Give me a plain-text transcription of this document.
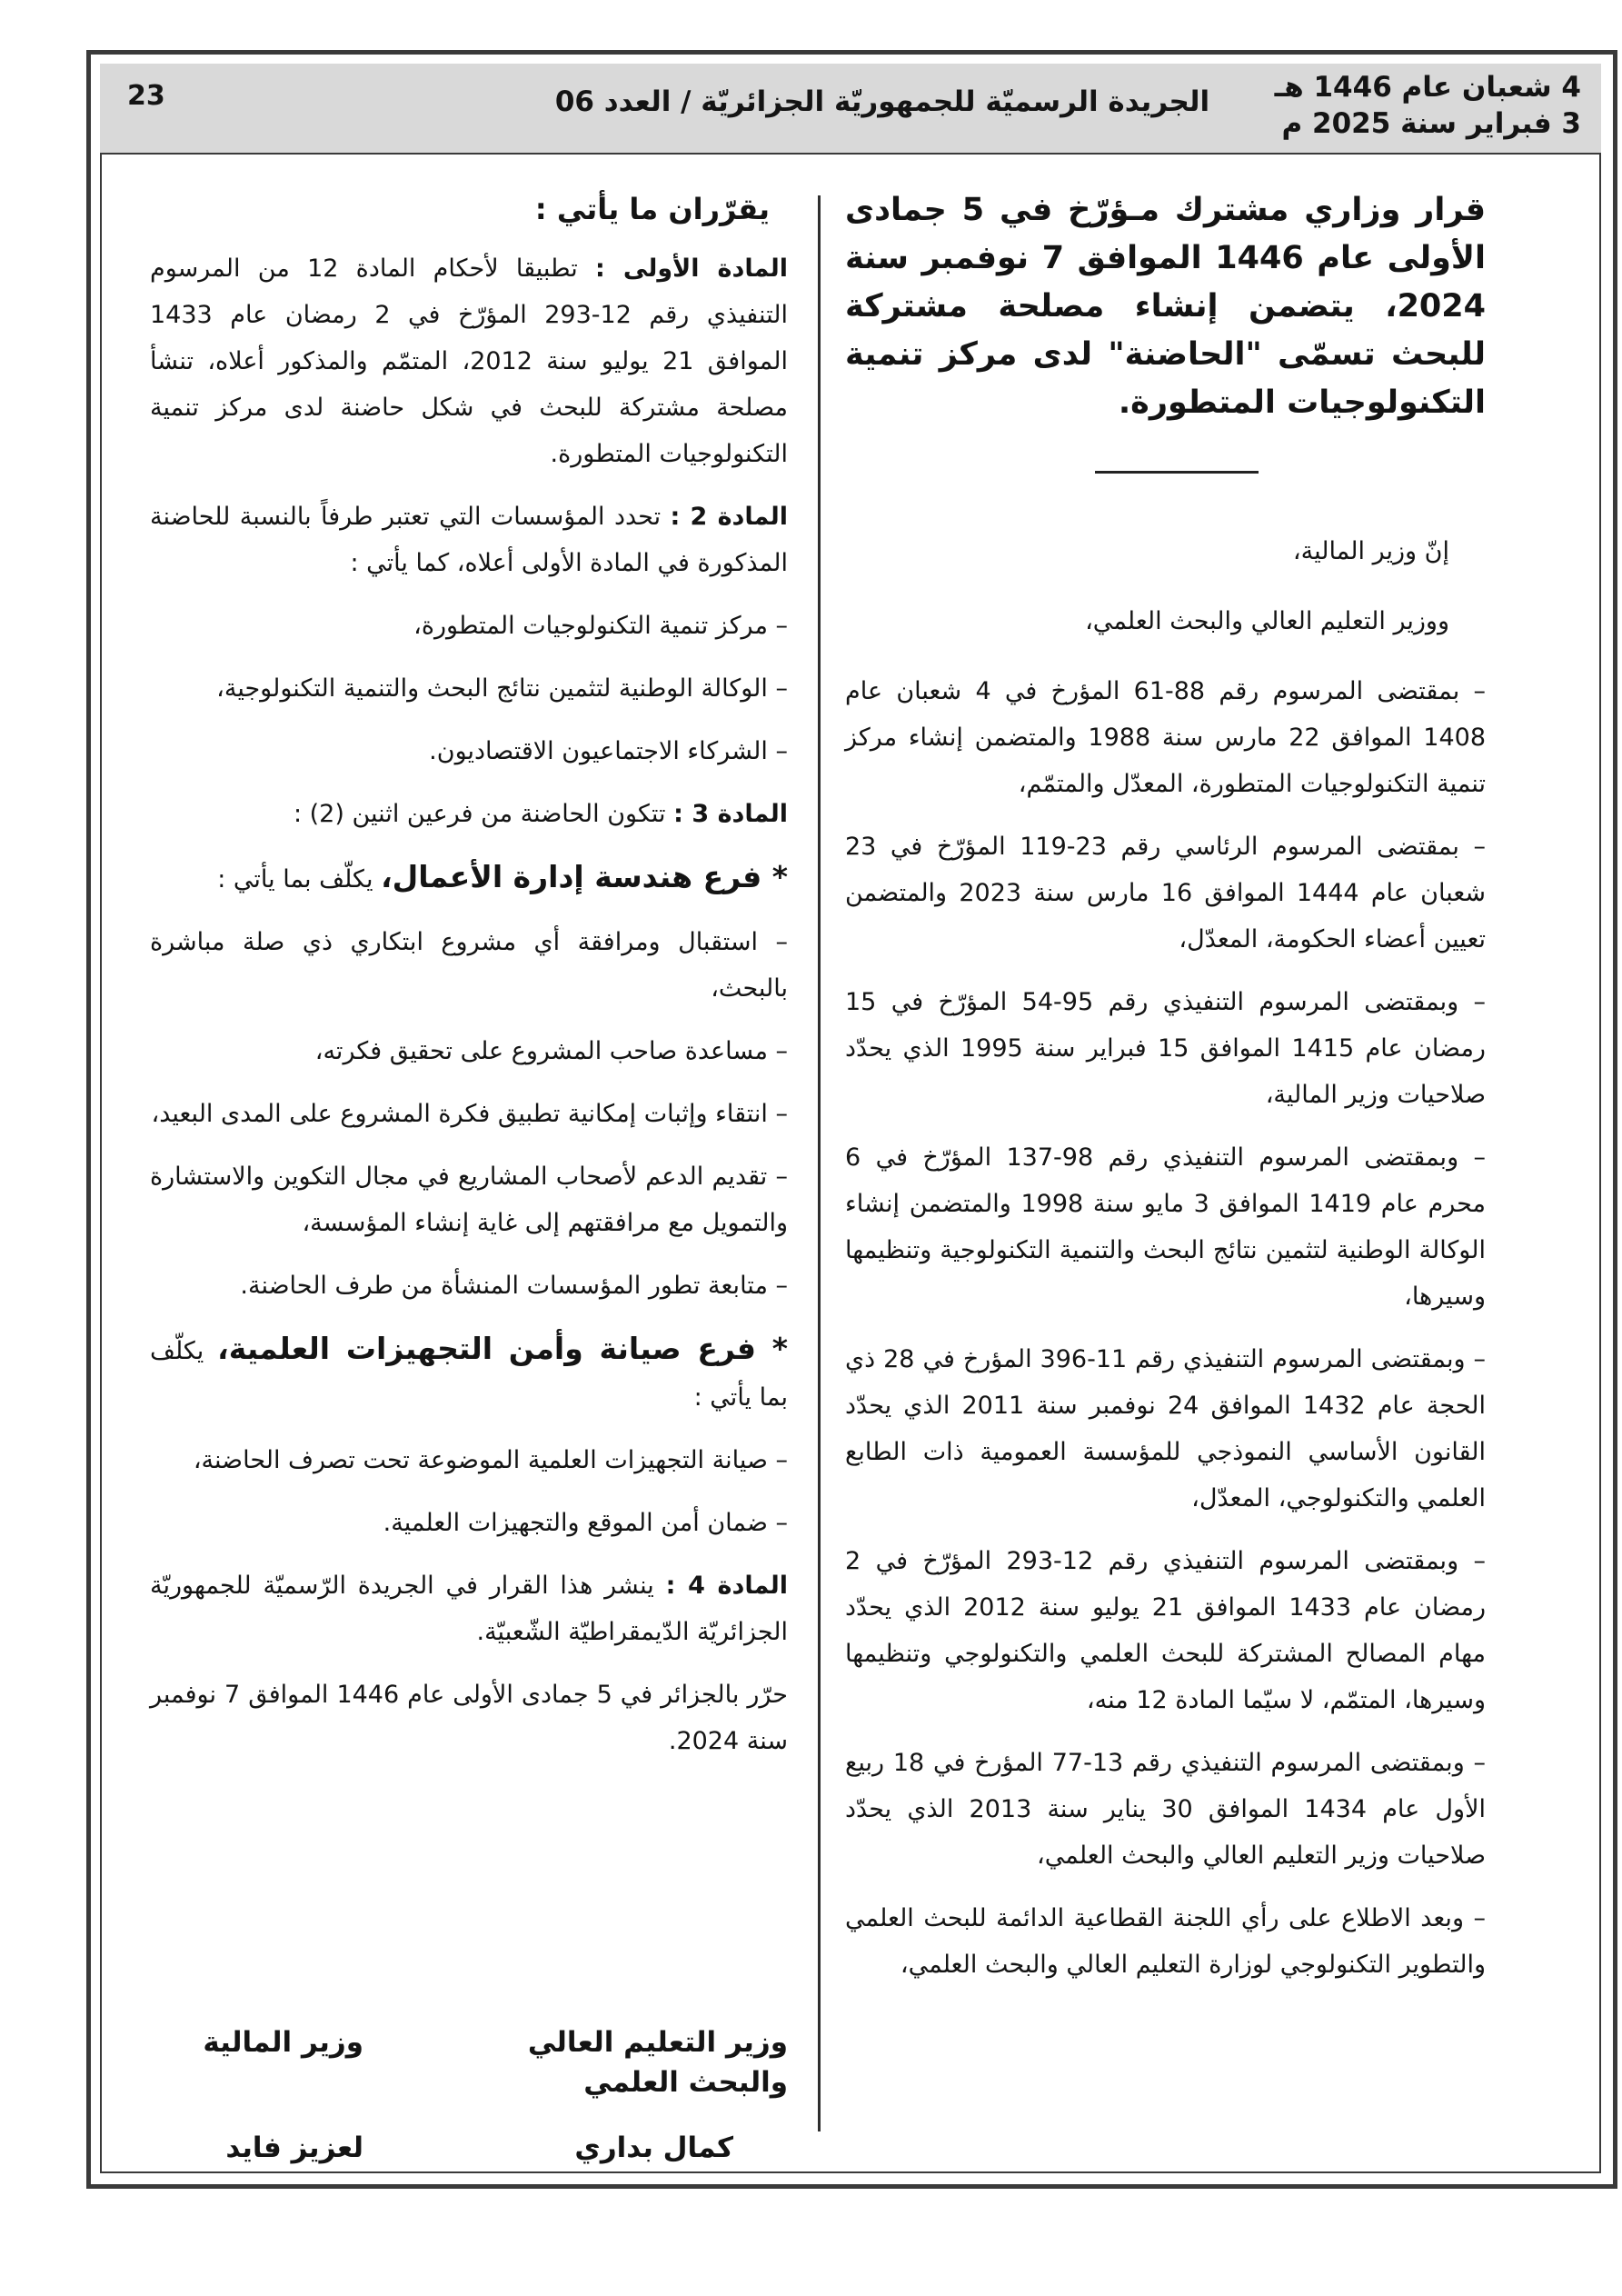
4 شعبان عام 1446 هـ
3 فبراير سنة 2025 م
الجريدة الرسميّة للجمهوريّة الجزائريّة / العدد 06
23

قرار وزاري مشترك مـؤرّخ في 5 جمادى الأولى عام 1446 الموافق 7 نوفمبر سنة 2024، يتضمن إنشاء مصلحة مشتركة للبحث تسمّى "الحاضنة" لدى مركز تنمية التكنولوجيات المتطورة.

إنّ وزير المالية،

ووزير التعليم العالي والبحث العلمي،

– بمقتضى المرسوم رقم 88-61 المؤرخ في 4 شعبان عام 1408 الموافق 22 مارس سنة 1988 والمتضمن إنشاء مركز تنمية التكنولوجيات المتطورة، المعدّل والمتمّم،

– بمقتضى المرسوم الرئاسي رقم 23-119 المؤرّخ في 23 شعبان عام 1444 الموافق 16 مارس سنة 2023 والمتضمن تعيين أعضاء الحكومة، المعدّل،

– وبمقتضى المرسوم التنفيذي رقم 95-54 المؤرّخ في 15 رمضان عام 1415 الموافق 15 فبراير سنة 1995 الذي يحدّد صلاحيات وزير المالية،

– وبمقتضى المرسوم التنفيذي رقم 98-137 المؤرّخ في 6 محرم عام 1419 الموافق 3 مايو سنة 1998 والمتضمن إنشاء الوكالة الوطنية لتثمين نتائج البحث والتنمية التكنولوجية وتنظيمها وسيرها،

– وبمقتضى المرسوم التنفيذي رقم 11-396 المؤرخ في 28 ذي الحجة عام 1432 الموافق 24 نوفمبر سنة 2011 الذي يحدّد القانون الأساسي النموذجي للمؤسسة العمومية ذات الطابع العلمي والتكنولوجي، المعدّل،

– وبمقتضى المرسوم التنفيذي رقم 12-293 المؤرّخ في 2 رمضان عام 1433 الموافق 21 يوليو سنة 2012 الذي يحدّد مهام المصالح المشتركة للبحث العلمي والتكنولوجي وتنظيمها وسيرها، المتمّم، لا سيّما المادة 12 منه،

– وبمقتضى المرسوم التنفيذي رقم 13-77 المؤرخ في 18 ربيع الأول عام 1434 الموافق 30 يناير سنة 2013 الذي يحدّد صلاحيات وزير التعليم العالي والبحث العلمي،

– وبعد الاطلاع على رأي اللجنة القطاعية الدائمة للبحث العلمي والتطوير التكنولوجي لوزارة التعليم العالي والبحث العلمي،

يقرّران ما يأتي :

المادة الأولى : تطبيقا لأحكام المادة 12 من المرسوم التنفيذي رقم 12-293 المؤرّخ في 2 رمضان عام 1433 الموافق 21 يوليو سنة 2012، المتمّم والمذكور أعلاه، تنشأ مصلحة مشتركة للبحث في شكل حاضنة لدى مركز تنمية التكنولوجيات المتطورة.

المادة 2 : تحدد المؤسسات التي تعتبر طرفاً بالنسبة للحاضنة المذكورة في المادة الأولى أعلاه، كما يأتي :

– مركز تنمية التكنولوجيات المتطورة،

– الوكالة الوطنية لتثمين نتائج البحث والتنمية التكنولوجية،

– الشركاء الاجتماعيون الاقتصاديون.

المادة 3 : تتكون الحاضنة من فرعين اثنين (2) :

* فرع هندسة إدارة الأعمال، يكلّف بما يأتي :

– استقبال ومرافقة أي مشروع ابتكاري ذي صلة مباشرة بالبحث،

– مساعدة صاحب المشروع على تحقيق فكرته،

– انتقاء وإثبات إمكانية تطبيق فكرة المشروع على المدى البعيد،

– تقديم الدعم لأصحاب المشاريع في مجال التكوين والاستشارة والتمويل مع مرافقتهم إلى غاية إنشاء المؤسسة،

– متابعة تطور المؤسسات المنشأة من طرف الحاضنة.

* فرع صيانة وأمن التجهيزات العلمية، يكلّف بما يأتي :

– صيانة التجهيزات العلمية الموضوعة تحت تصرف الحاضنة،

– ضمان أمن الموقع والتجهيزات العلمية.

المادة 4 : ينشر هذا القرار في الجريدة الرّسميّة للجمهوريّة الجزائريّة الدّيمقراطيّة الشّعبيّة.

حرّر بالجزائر في 5 جمادى الأولى عام 1446 الموافق 7 نوفمبر سنة 2024.

وزير التعليم العالي والبحث العلمي
كمال بداري
وزير المالية
لعزيز فايد
